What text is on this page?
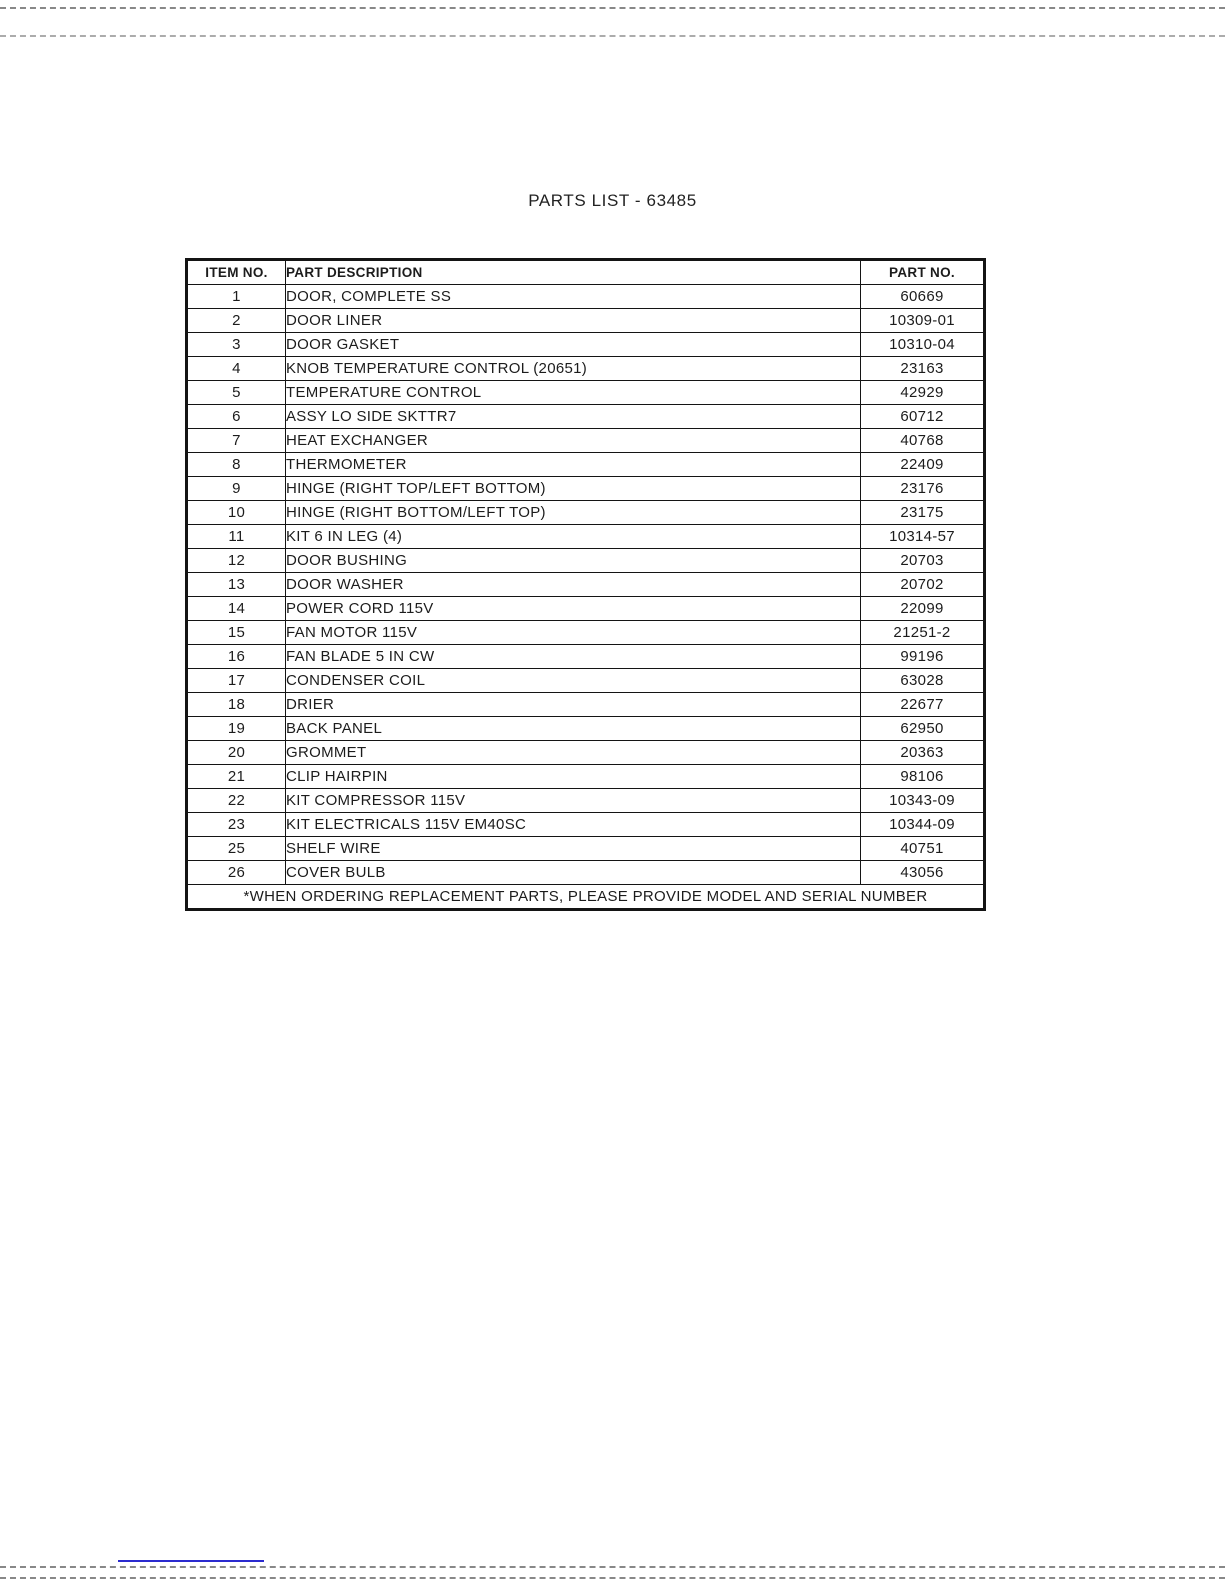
PARTS LIST - 63485
ITEM NO.	PART DESCRIPTION	PART NO.
1	DOOR, COMPLETE SS	60669
2	DOOR LINER	10309-01
3	DOOR GASKET	10310-04
4	KNOB TEMPERATURE CONTROL (20651)	23163
5	TEMPERATURE CONTROL	42929
6	ASSY LO SIDE SKTTR7	60712
7	HEAT EXCHANGER	40768
8	THERMOMETER	22409
9	HINGE (RIGHT TOP/LEFT BOTTOM)	23176
10	HINGE (RIGHT BOTTOM/LEFT TOP)	23175
11	KIT 6 IN LEG (4)	10314-57
12	DOOR BUSHING	20703
13	DOOR WASHER	20702
14	POWER CORD 115V	22099
15	FAN MOTOR 115V	21251-2
16	FAN BLADE 5 IN CW	99196
17	CONDENSER COIL	63028
18	DRIER	22677
19	BACK PANEL	62950
20	GROMMET	20363
21	CLIP HAIRPIN	98106
22	KIT COMPRESSOR 115V	10343-09
23	KIT ELECTRICALS 115V EM40SC	10344-09
25	SHELF WIRE	40751
26	COVER BULB	43056
*WHEN ORDERING REPLACEMENT PARTS, PLEASE PROVIDE MODEL AND SERIAL NUMBER		
